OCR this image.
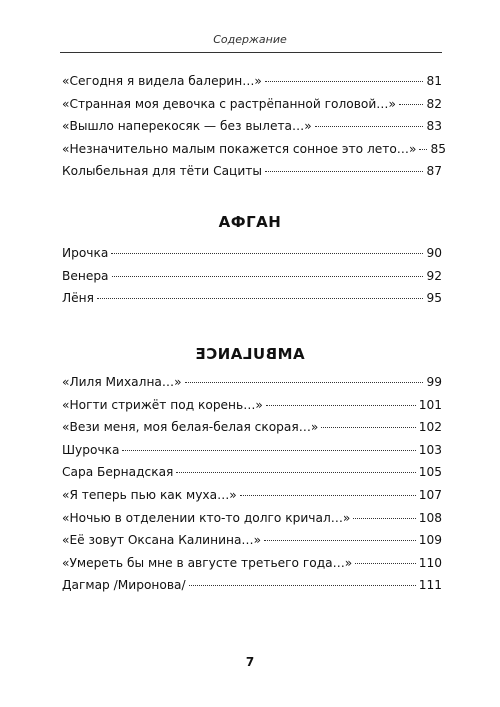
Содержание
«Сегодня я видела балерин…»	81
«Странная моя девочка с растрёпанной головой…»	82
«Вышло наперекосяк — без вылета…»	83
«Незначительно малым покажется сонное это лето…» 85
Колыбельная для тёти Сациты	87
АФГАН
Ирочка	90
Венера	92
Лёня	95
AMBULANCE
«Лиля Михална…»	99
«Ногти стрижёт под корень…»	101
«Вези меня, моя белая-белая скорая…»	102
Шурочка	103
Сара Бернадская	105
«Я теперь пью как муха…»	107
«Ночью в отделении кто-то долго кричал…»	108
«Её зовут Оксана Калинина…»	109
«Умереть бы мне в августе третьего года…»	110
Дагмар /Миронова/	111
7
